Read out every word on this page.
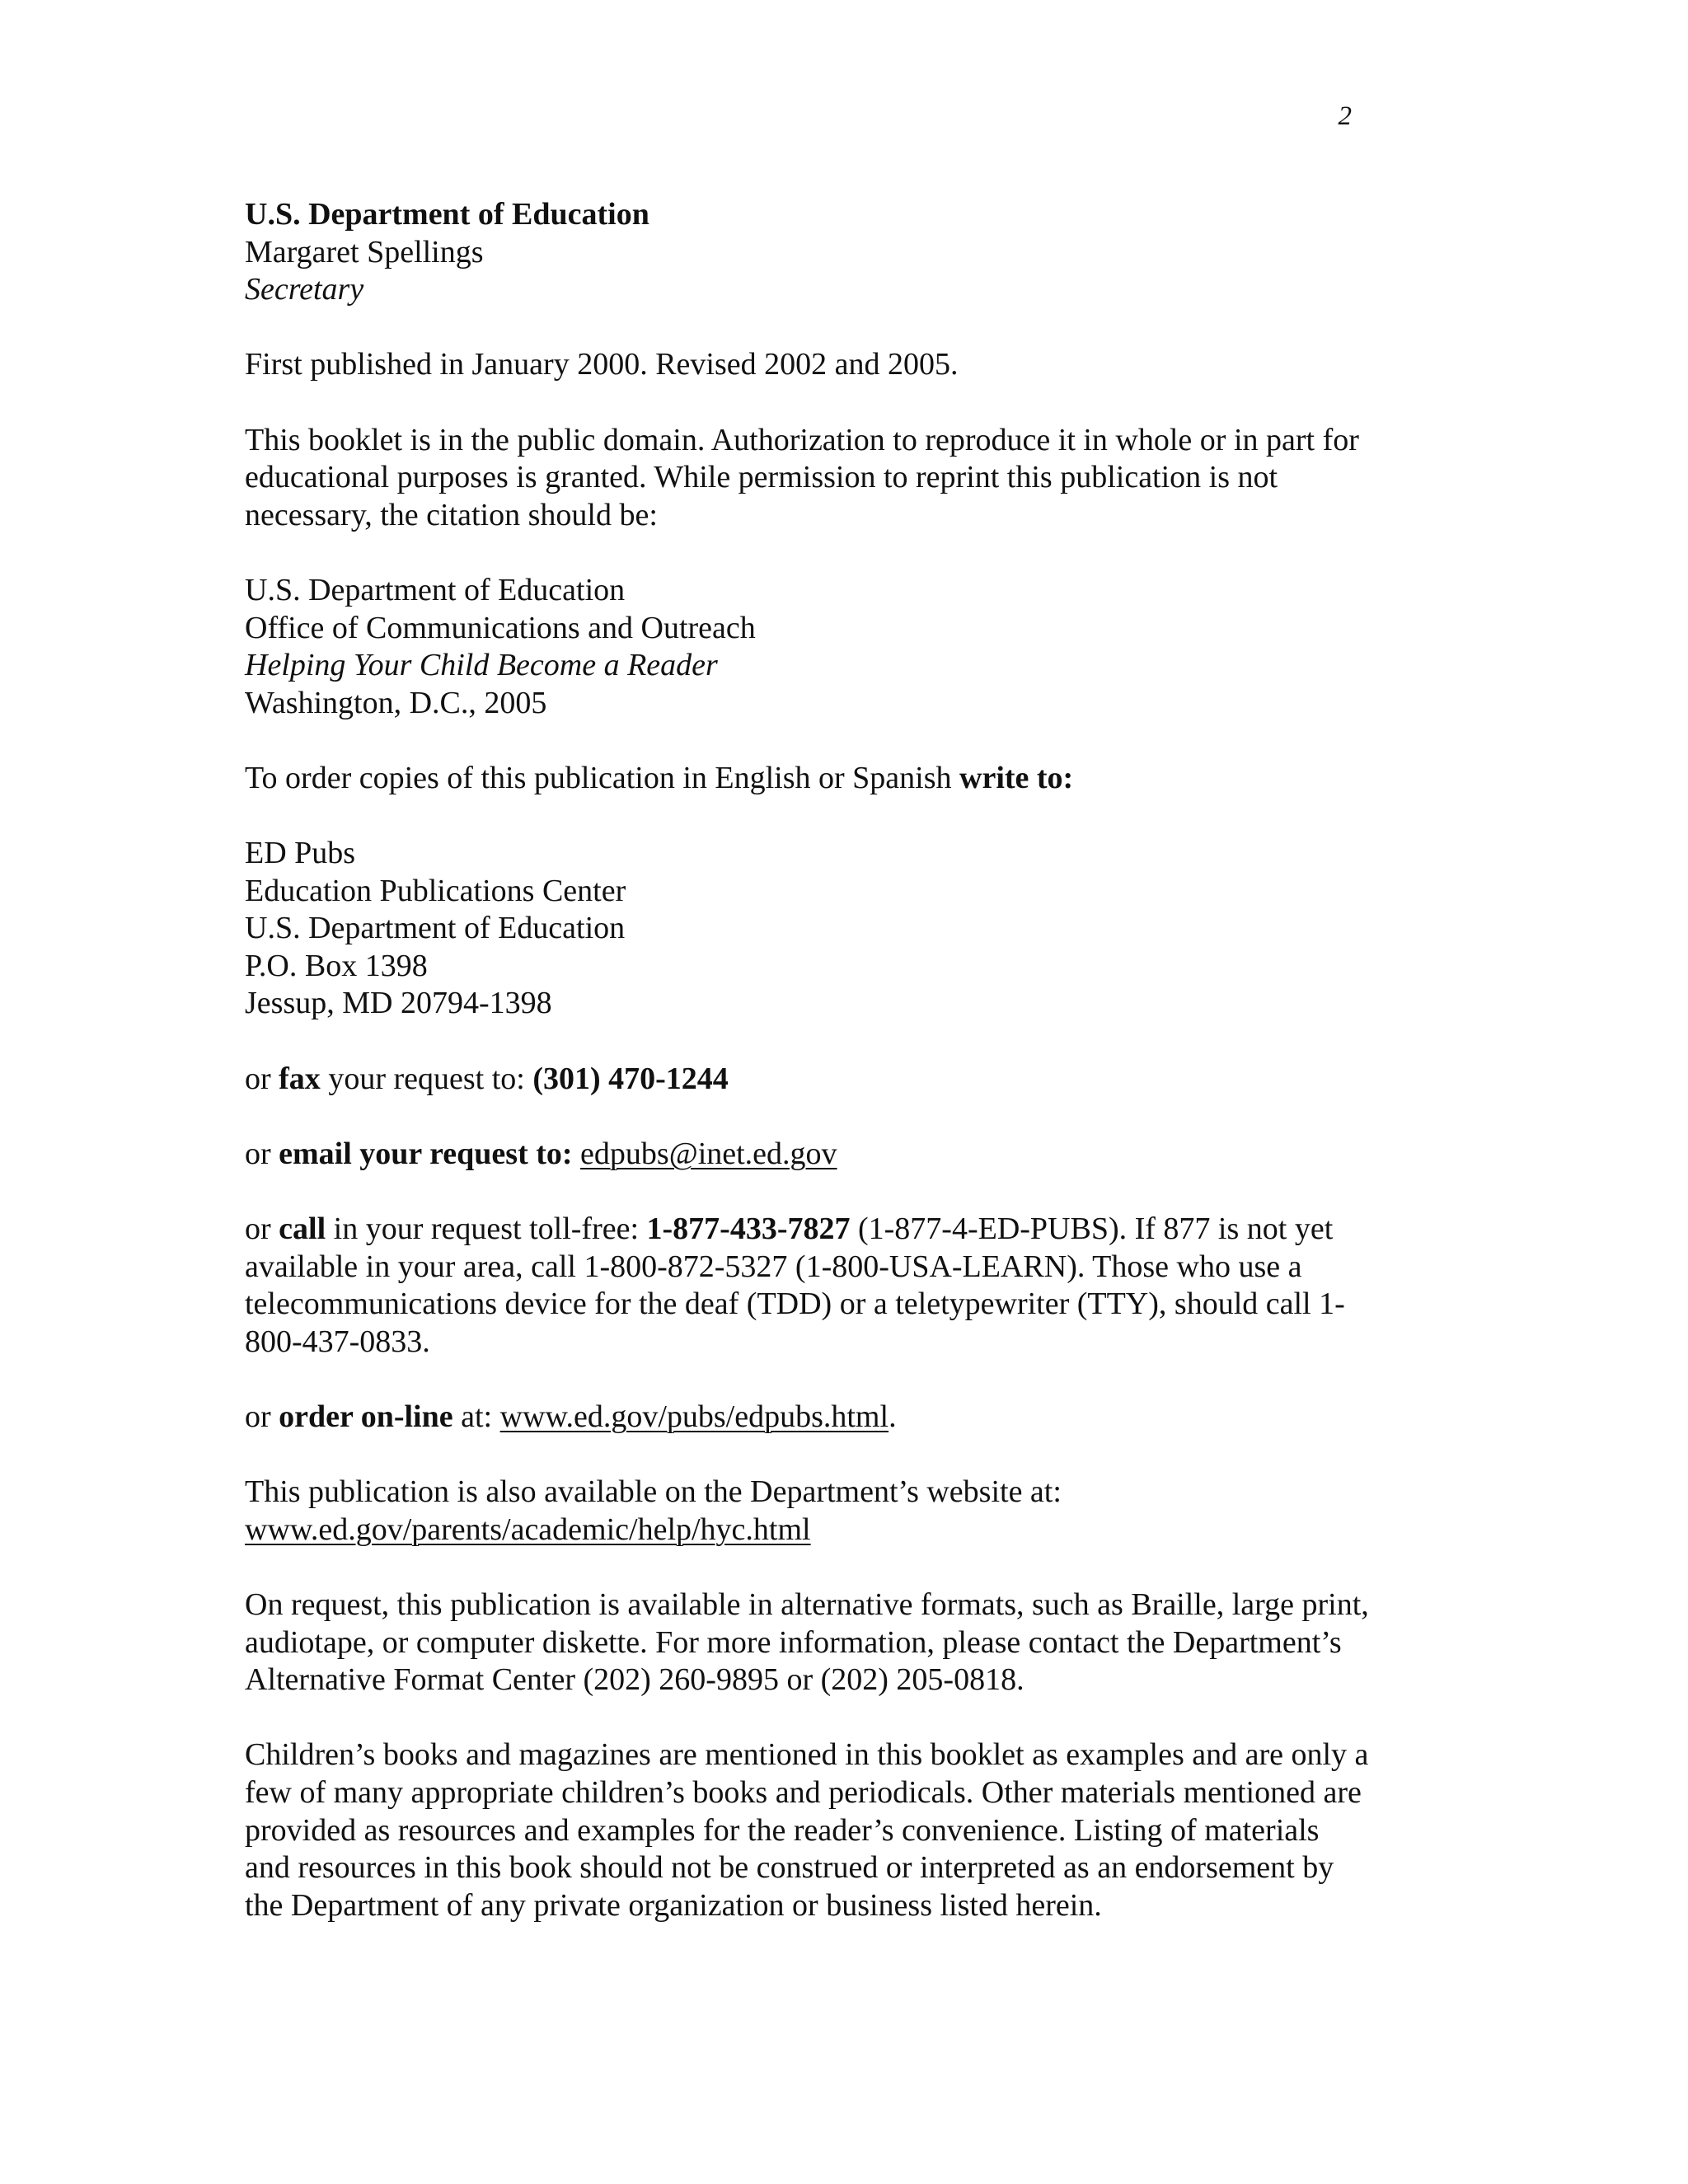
2
U.S. Department of Education
Margaret Spellings
Secretary
First published in January 2000. Revised 2002 and 2005.
This booklet is in the public domain. Authorization to reproduce it in whole or in part for
educational purposes is granted. While permission to reprint this publication is not
necessary, the citation should be:
U.S. Department of Education
Office of Communications and Outreach
Helping Your Child Become a Reader
Washington, D.C., 2005
To order copies of this publication in English or Spanish write to:
ED Pubs
Education Publications Center
U.S. Department of Education
P.O. Box 1398
Jessup, MD 20794-1398
or fax your request to: (301) 470-1244
or email your request to: edpubs@inet.ed.gov
or call in your request toll-free: 1-877-433-7827 (1-877-4-ED-PUBS). If 877 is not yet
available in your area, call 1-800-872-5327 (1-800-USA-LEARN). Those who use a
telecommunications device for the deaf (TDD) or a teletypewriter (TTY), should call 1-
800-437-0833.
or order on-line at: www.ed.gov/pubs/edpubs.html.
This publication is also available on the Department’s website at:
www.ed.gov/parents/academic/help/hyc.html
On request, this publication is available in alternative formats, such as Braille, large print,
audiotape, or computer diskette. For more information, please contact the Department’s
Alternative Format Center (202) 260-9895 or (202) 205-0818.
Children’s books and magazines are mentioned in this booklet as examples and are only a
few of many appropriate children’s books and periodicals. Other materials mentioned are
provided as resources and examples for the reader’s convenience. Listing of materials
and resources in this book should not be construed or interpreted as an endorsement by
the Department of any private organization or business listed herein.
